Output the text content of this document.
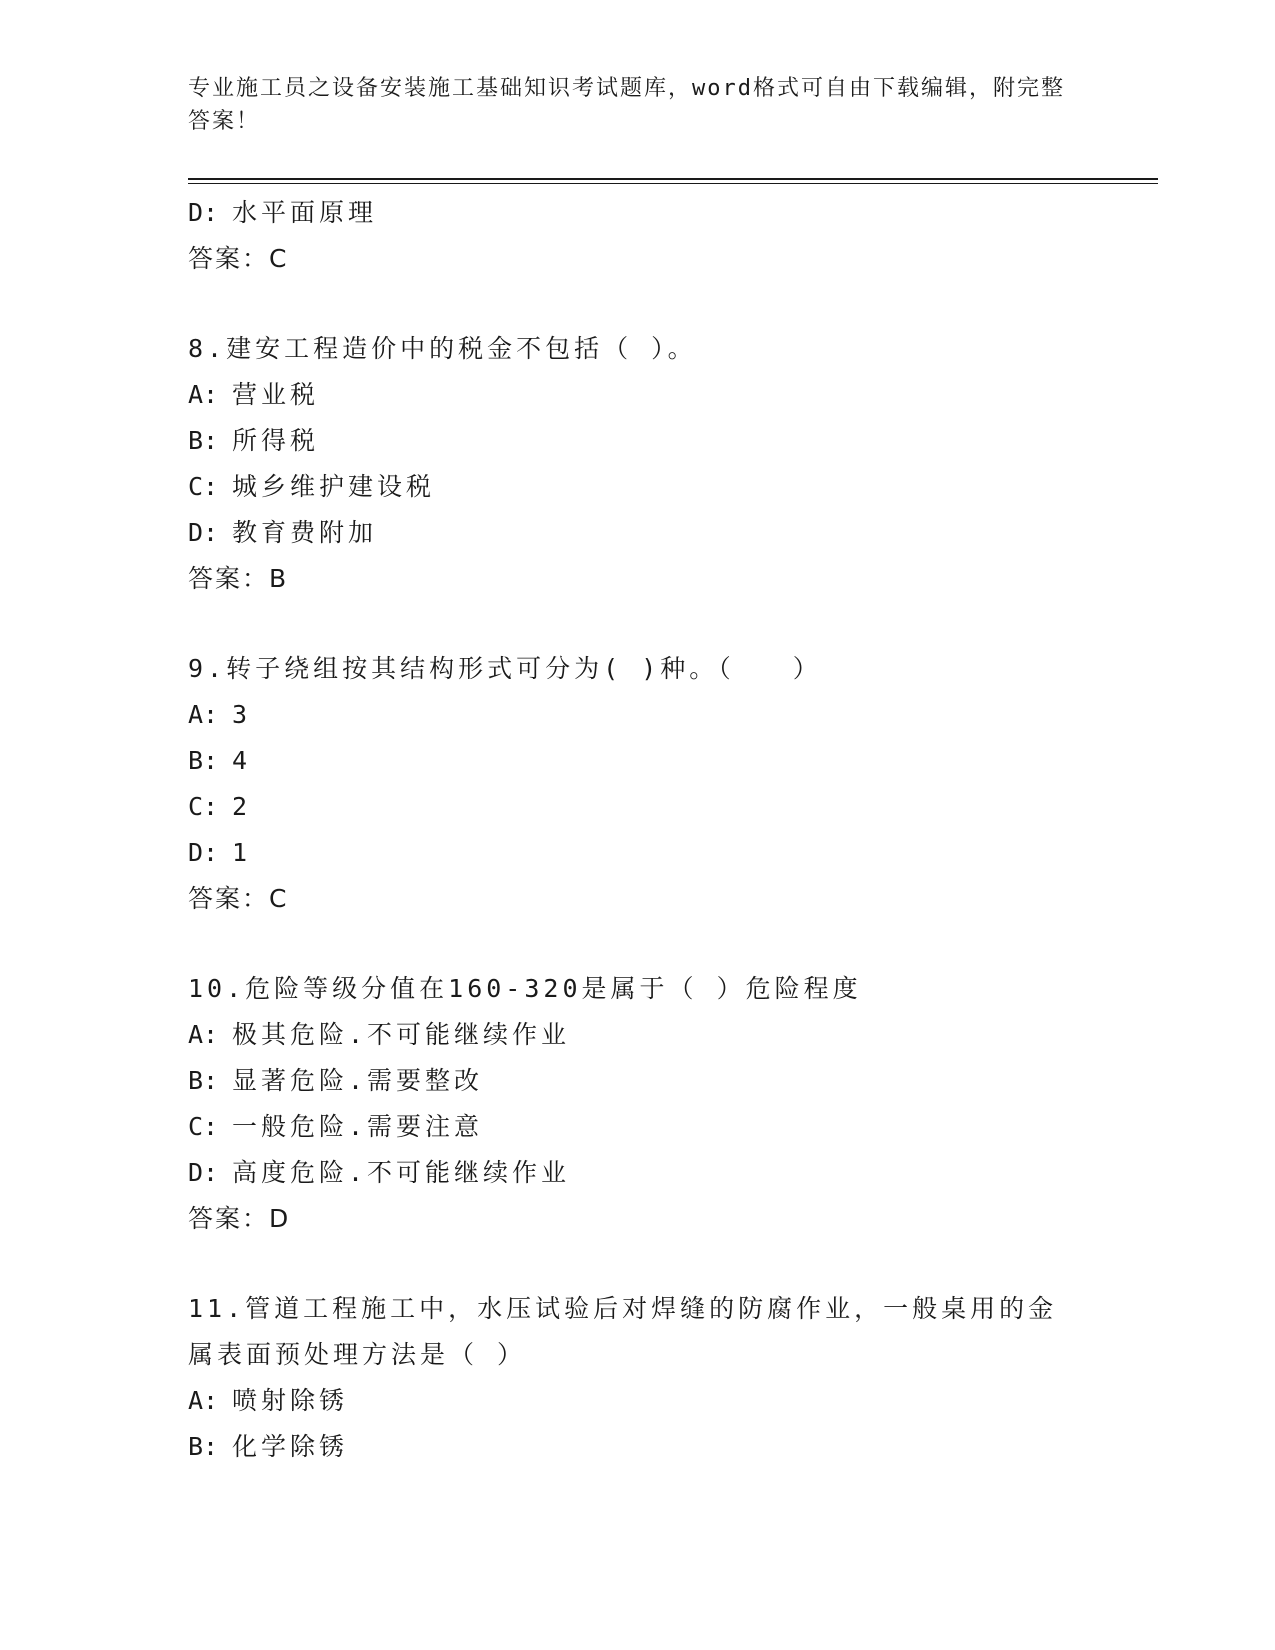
专业施工员之设备安装施工基础知识考试题库，word格式可自由下载编辑，附完整答案！
D: 水平面原理
答案：C
8.建安工程造价中的税金不包括（ ）。
A: 营业税
B: 所得税
C: 城乡维护建设税
D: 教育费附加
答案：B
9.转子绕组按其结构形式可分为( )种。（　　）
A: 3
B: 4
C: 2
D: 1
答案：C
10.危险等级分值在160-320是属于（ ）危险程度
A: 极其危险.不可能继续作业
B: 显著危险.需要整改
C: 一般危险.需要注意
D: 高度危险.不可能继续作业
答案：D
11.管道工程施工中，水压试验后对焊缝的防腐作业，一般桌用的金属表面预处理方法是（ ）
A: 喷射除锈
B: 化学除锈
